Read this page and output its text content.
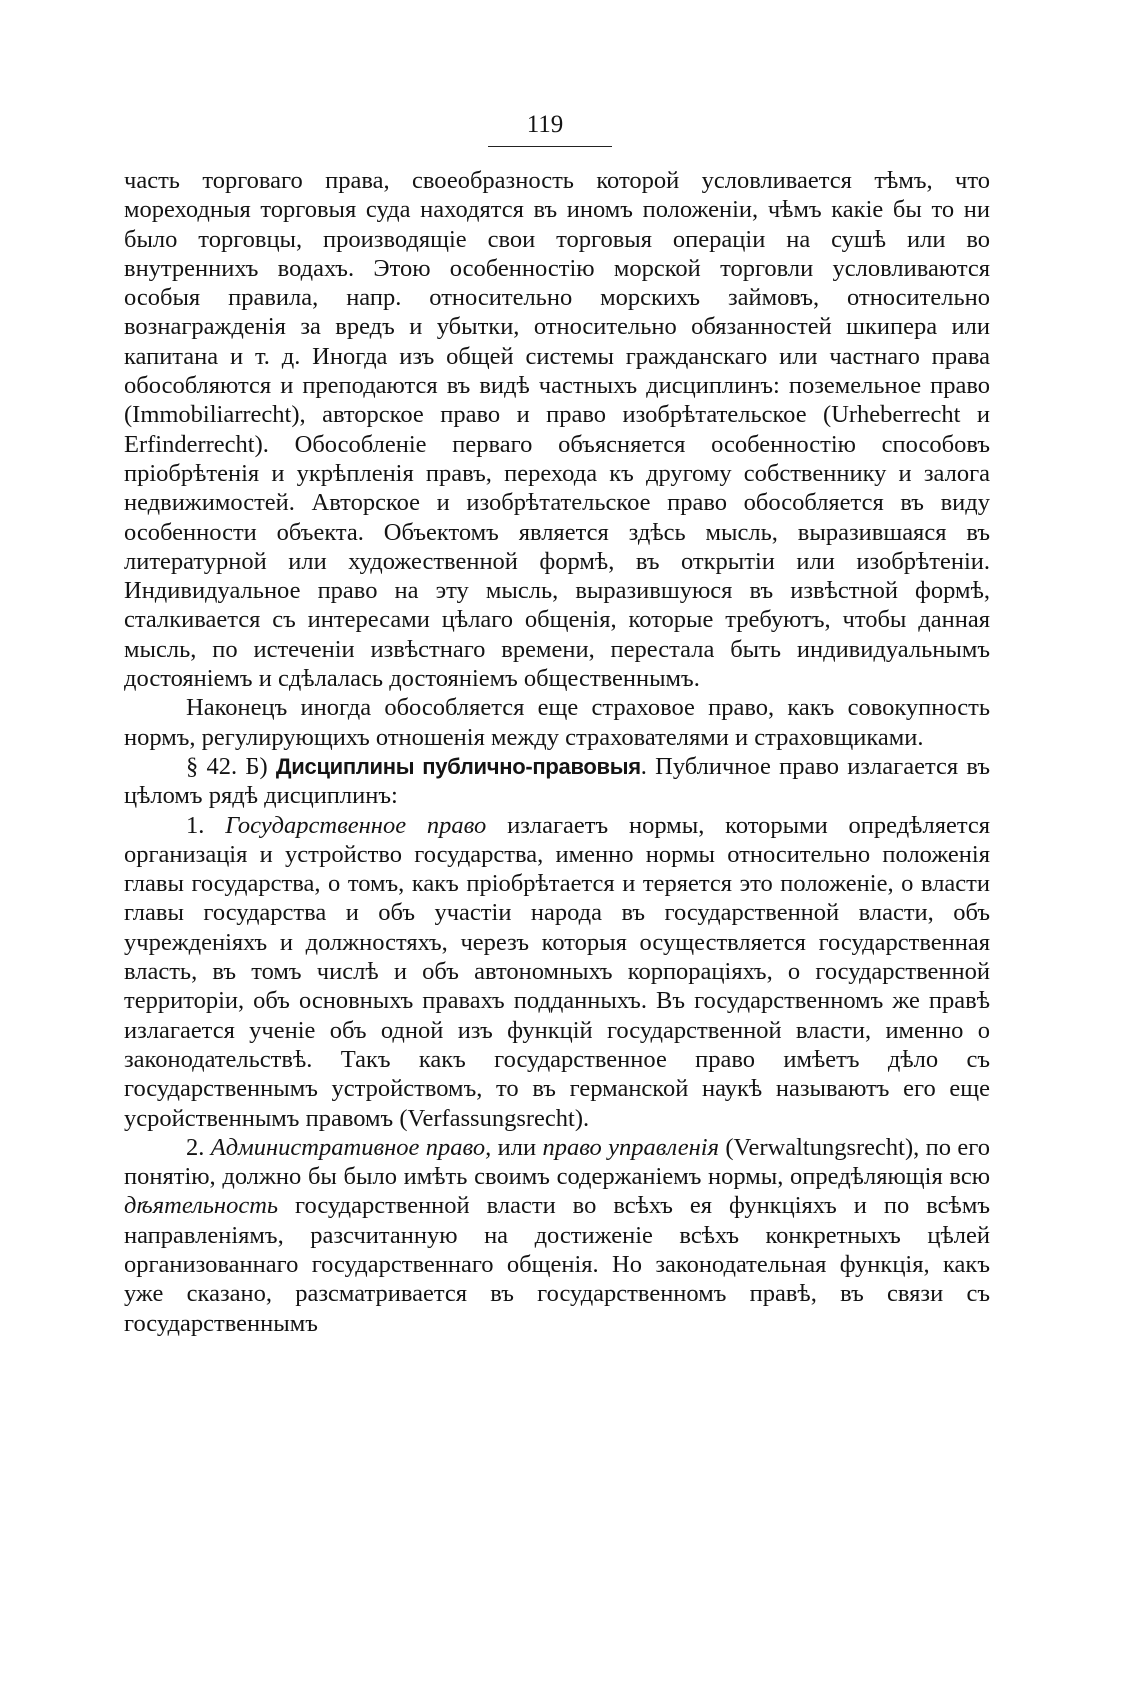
119

часть торговаго права, своеобразность которой условливается тѣмъ, что мореходныя торговыя суда находятся въ иномъ положенiи, чѣмъ какiе бы то ни было торговцы, производящiе свои торговыя операцiи на сушѣ или во внутреннихъ водахъ. Этою особенностiю морской торговли условливаются особыя правила, напр. относительно морскихъ займовъ, относительно вознагражденiя за вредъ и убытки, относительно обязанностей шкипера или капитана и т. д. Иногда изъ общей системы гражданскаго или частнаго права обособляются и преподаются въ видѣ частныхъ дисциплинъ: поземельное право (Immobiliarrecht), авторское право и право изобрѣтательское (Urheberrecht и Erfinderrecht). Обособленiе перваго объясняется особенностiю способовъ прiобрѣтенiя и укрѣпленiя правъ, перехода къ другому собственнику и залога недвижимостей. Авторское и изобрѣтательское право обособляется въ виду особенности объекта. Объектомъ является здѣсь мысль, выразившаяся въ литературной или художественной формѣ, въ открытiи или изобрѣтенiи. Индивидуальное право на эту мысль, выразившуюся въ извѣстной формѣ, сталкивается съ интересами цѣлаго общенiя, которые требуютъ, чтобы данная мысль, по истеченiи извѣстнаго времени, перестала быть индивидуальнымъ достоянiемъ и сдѣлалась достоянiемъ общественнымъ.

Наконецъ иногда обособляется еще страховое право, какъ совокупность нормъ, регулирующихъ отношенiя между страхователями и страховщиками.

§ 42. Б) Дисциплины публично-правовыя. Публичное право излагается въ цѣломъ рядѣ дисциплинъ:

1. Государственное право излагаетъ нормы, которыми опредѣляется организацiя и устройство государства, именно нормы относительно положенiя главы государства, о томъ, какъ прiобрѣтается и теряется это положенiе, о власти главы государства и объ участiи народа въ государственной власти, объ учрежденiяхъ и должностяхъ, черезъ которыя осуществляется государственная власть, въ томъ числѣ и объ автономныхъ корпорацiяхъ, о государственной территорiи, объ основныхъ правахъ подданныхъ. Въ государственномъ же правѣ излагается ученiе объ одной изъ функцiй государственной власти, именно о законодательствѣ. Такъ какъ государственное право имѣетъ дѣло съ государственнымъ устройствомъ, то въ германской наукѣ называютъ его еще усройственнымъ правомъ (Verfassungsrecht).

2. Административное право, или право управленiя (Verwaltungsrecht), по его понятiю, должно бы было имѣть своимъ содержанiемъ нормы, опредѣляющiя всю дѣятельность государственной власти во всѣхъ ея функцiяхъ и по всѣмъ направленiямъ, разсчитанную на достиженiе всѣхъ конкретныхъ цѣлей организованнаго государственнаго общенiя. Но законодательная функцiя, какъ уже сказано, разсматривается въ государственномъ правѣ, въ связи съ государственнымъ
